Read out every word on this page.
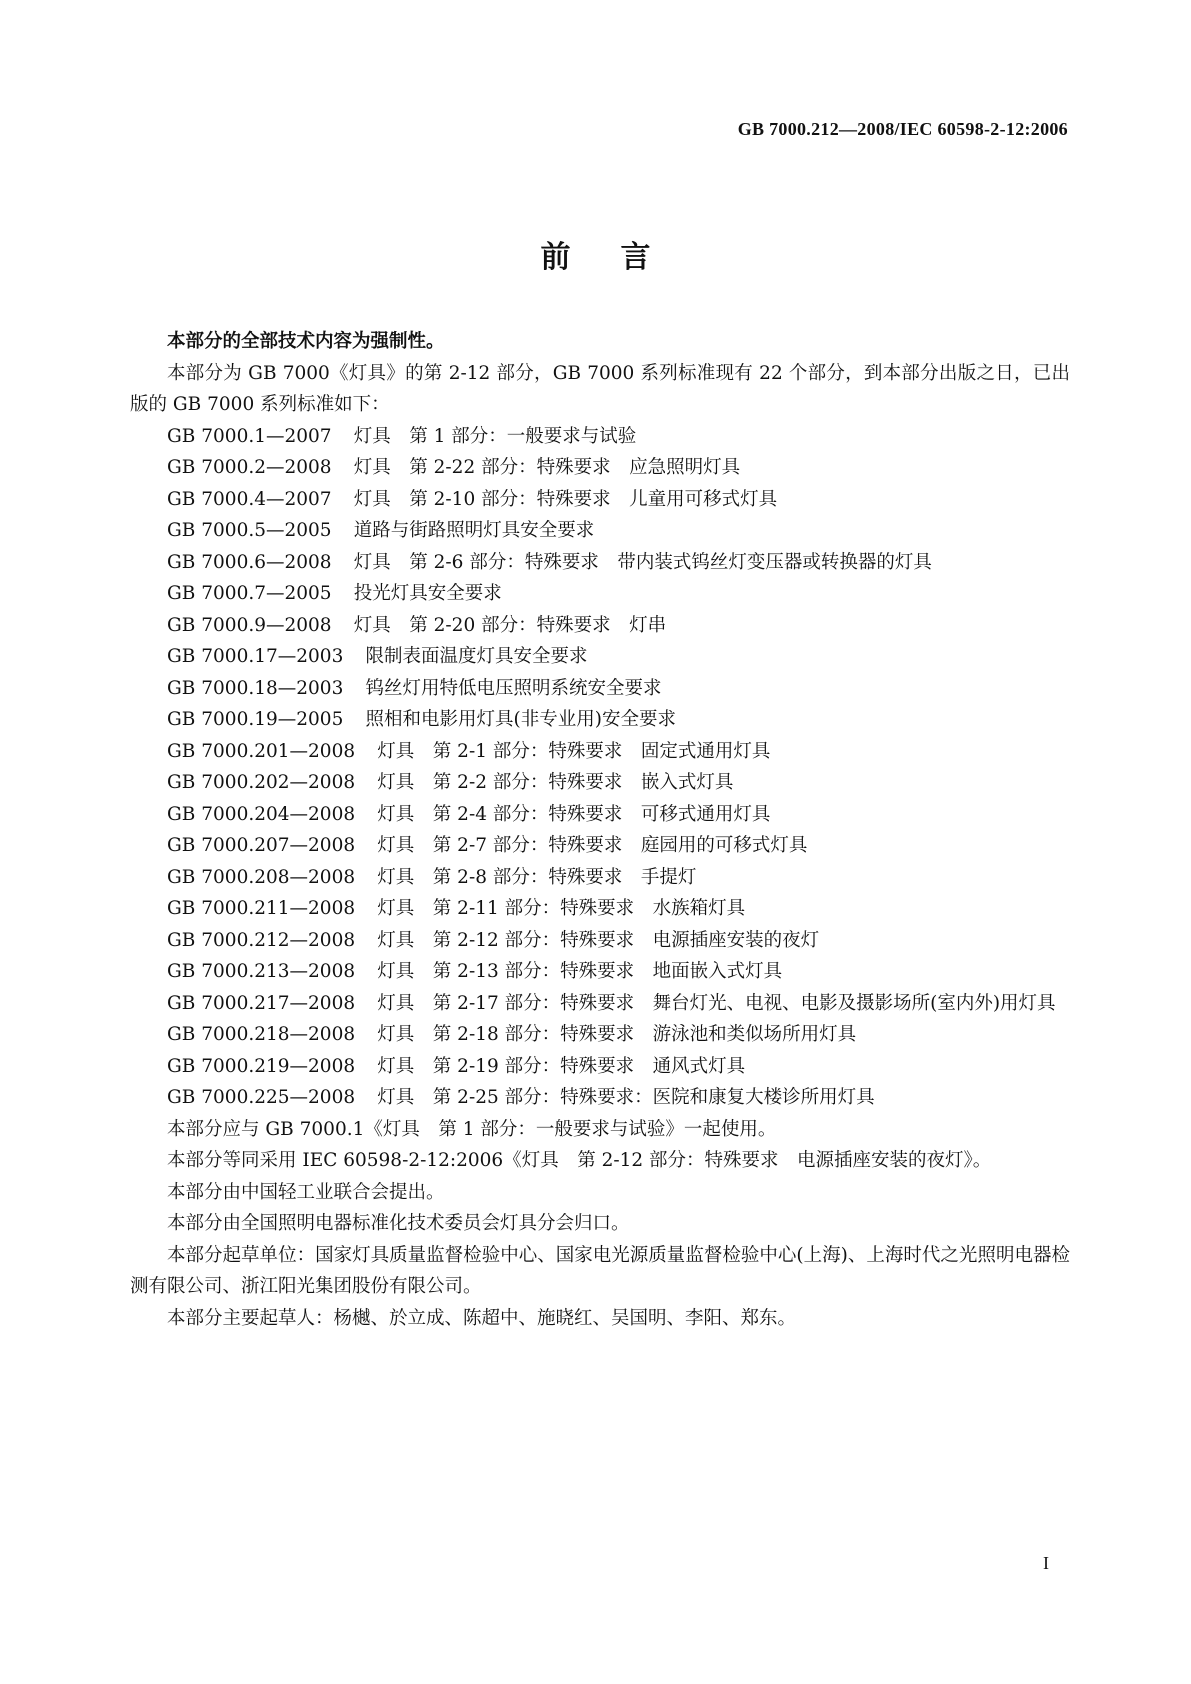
GB 7000.212—2008/IEC 60598-2-12:2006
前言

本部分的全部技术内容为强制性。

本部分为 GB 7000《灯具》的第 2-12 部分，GB 7000 系列标准现有 22 个部分，到本部分出版之日，已出版的 GB 7000 系列标准如下：

GB 7000.1—2007 灯具　第 1 部分：一般要求与试验
GB 7000.2—2008 灯具　第 2-22 部分：特殊要求　应急照明灯具
GB 7000.4—2007 灯具　第 2-10 部分：特殊要求　儿童用可移式灯具
GB 7000.5—2005 道路与街路照明灯具安全要求
GB 7000.6—2008 灯具　第 2-6 部分：特殊要求　带内装式钨丝灯变压器或转换器的灯具
GB 7000.7—2005 投光灯具安全要求
GB 7000.9—2008 灯具　第 2-20 部分：特殊要求　灯串
GB 7000.17—2003 限制表面温度灯具安全要求
GB 7000.18—2003 钨丝灯用特低电压照明系统安全要求
GB 7000.19—2005 照相和电影用灯具(非专业用)安全要求
GB 7000.201—2008 灯具　第 2-1 部分：特殊要求　固定式通用灯具
GB 7000.202—2008 灯具　第 2-2 部分：特殊要求　嵌入式灯具
GB 7000.204—2008 灯具　第 2-4 部分：特殊要求　可移式通用灯具
GB 7000.207—2008 灯具　第 2-7 部分：特殊要求　庭园用的可移式灯具
GB 7000.208—2008 灯具　第 2-8 部分：特殊要求　手提灯
GB 7000.211—2008 灯具　第 2-11 部分：特殊要求　水族箱灯具
GB 7000.212—2008 灯具　第 2-12 部分：特殊要求　电源插座安装的夜灯
GB 7000.213—2008 灯具　第 2-13 部分：特殊要求　地面嵌入式灯具
GB 7000.217—2008 灯具　第 2-17 部分：特殊要求　舞台灯光、电视、电影及摄影场所(室内外)用灯具
GB 7000.218—2008 灯具　第 2-18 部分：特殊要求　游泳池和类似场所用灯具
GB 7000.219—2008 灯具　第 2-19 部分：特殊要求　通风式灯具
GB 7000.225—2008 灯具　第 2-25 部分：特殊要求：医院和康复大楼诊所用灯具

本部分应与 GB 7000.1《灯具　第 1 部分：一般要求与试验》一起使用。

本部分等同采用 IEC 60598-2-12:2006《灯具　第 2-12 部分：特殊要求　电源插座安装的夜灯》。

本部分由中国轻工业联合会提出。

本部分由全国照明电器标准化技术委员会灯具分会归口。

本部分起草单位：国家灯具质量监督检验中心、国家电光源质量监督检验中心(上海)、上海时代之光照明电器检测有限公司、浙江阳光集团股份有限公司。

本部分主要起草人：杨樾、於立成、陈超中、施晓红、吴国明、李阳、郑东。

I
